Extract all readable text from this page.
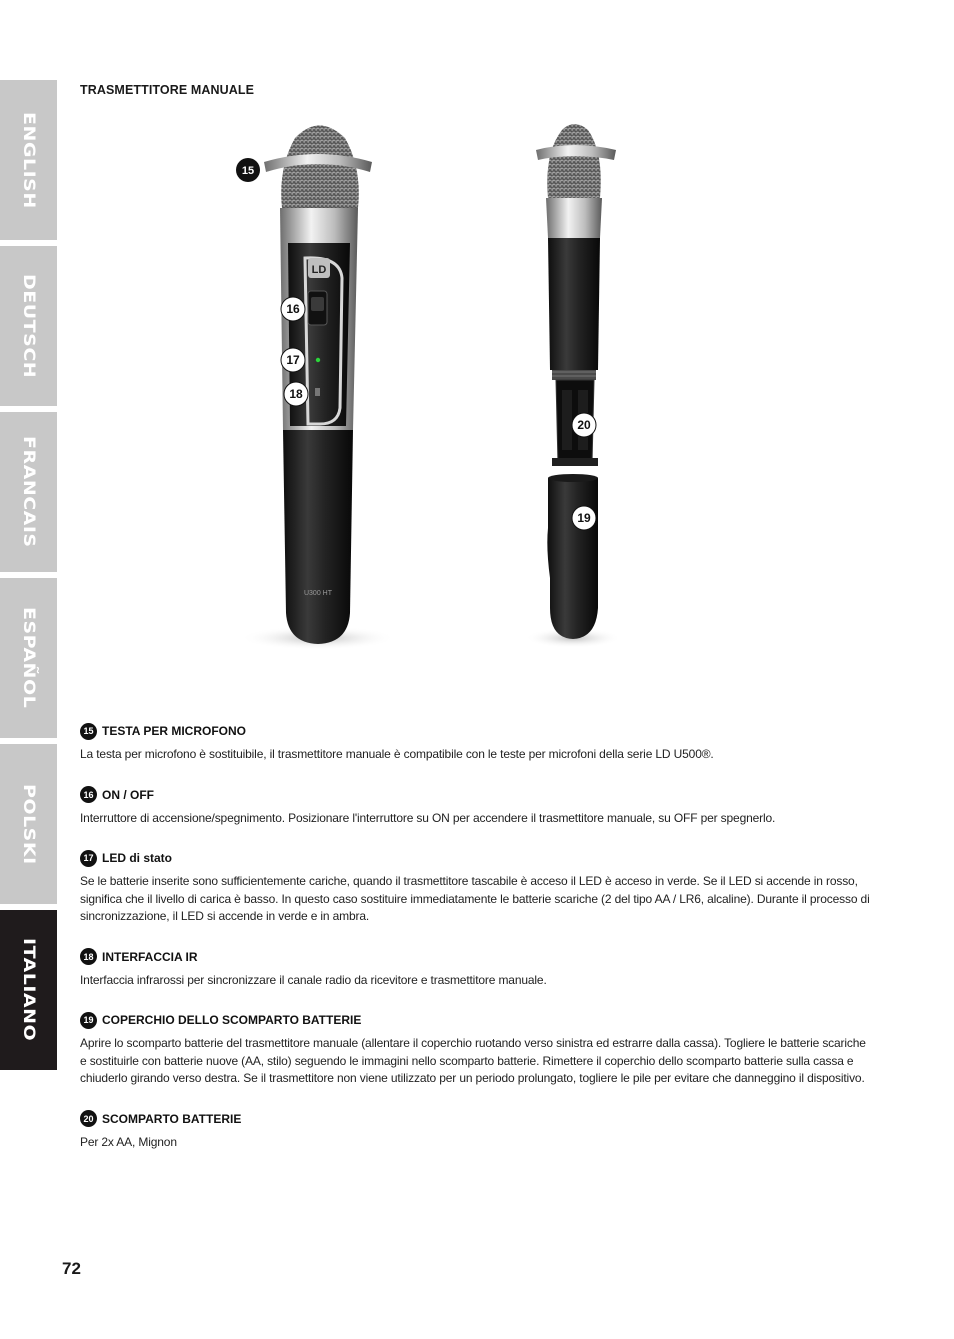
ENGLISH
DEUTSCH
FRANCAIS
ESPAÑOL
POLSKI
ITALIANO
TRASMETTITORE MANUALE
LD
U300 HT
15
16
17
18
20
19
15 TESTA PER MICROFONO
La testa per microfono è sostituibile, il trasmettitore manuale è compatibile con le teste per microfoni della serie LD U500®.
16 ON / OFF
Interruttore di accensione/spegnimento. Posizionare l'interruttore su ON per accendere il trasmettitore manuale, su OFF per spegnerlo.
17 LED di stato
Se le batterie inserite sono sufficientemente cariche, quando il trasmettitore tascabile è acceso il LED è acceso in verde. Se il LED si accende in rosso, significa che il livello di carica è basso. In questo caso sostituire immediatamente le batterie scariche (2 del tipo AA / LR6, alcaline). Durante il processo di sincronizzazione, il LED si accende in verde e in ambra.
18 INTERFACCIA IR
Interfaccia infrarossi per sincronizzare il canale radio da ricevitore e trasmettitore manuale.
19 COPERCHIO DELLO SCOMPARTO BATTERIE
Aprire lo scomparto batterie del trasmettitore manuale (allentare il coperchio ruotando verso sinistra ed estrarre dalla cassa). Togliere le batterie scariche e sostituirle con batterie nuove (AA, stilo) seguendo le immagini nello scomparto batterie. Rimettere il coperchio dello scomparto batterie sulla cassa e chiuderlo girando verso destra. Se il trasmettitore non viene utilizzato per un periodo prolungato, togliere le pile per evitare che danneggino il dispositivo.
20 SCOMPARTO BATTERIE
Per 2x AA, Mignon
72
